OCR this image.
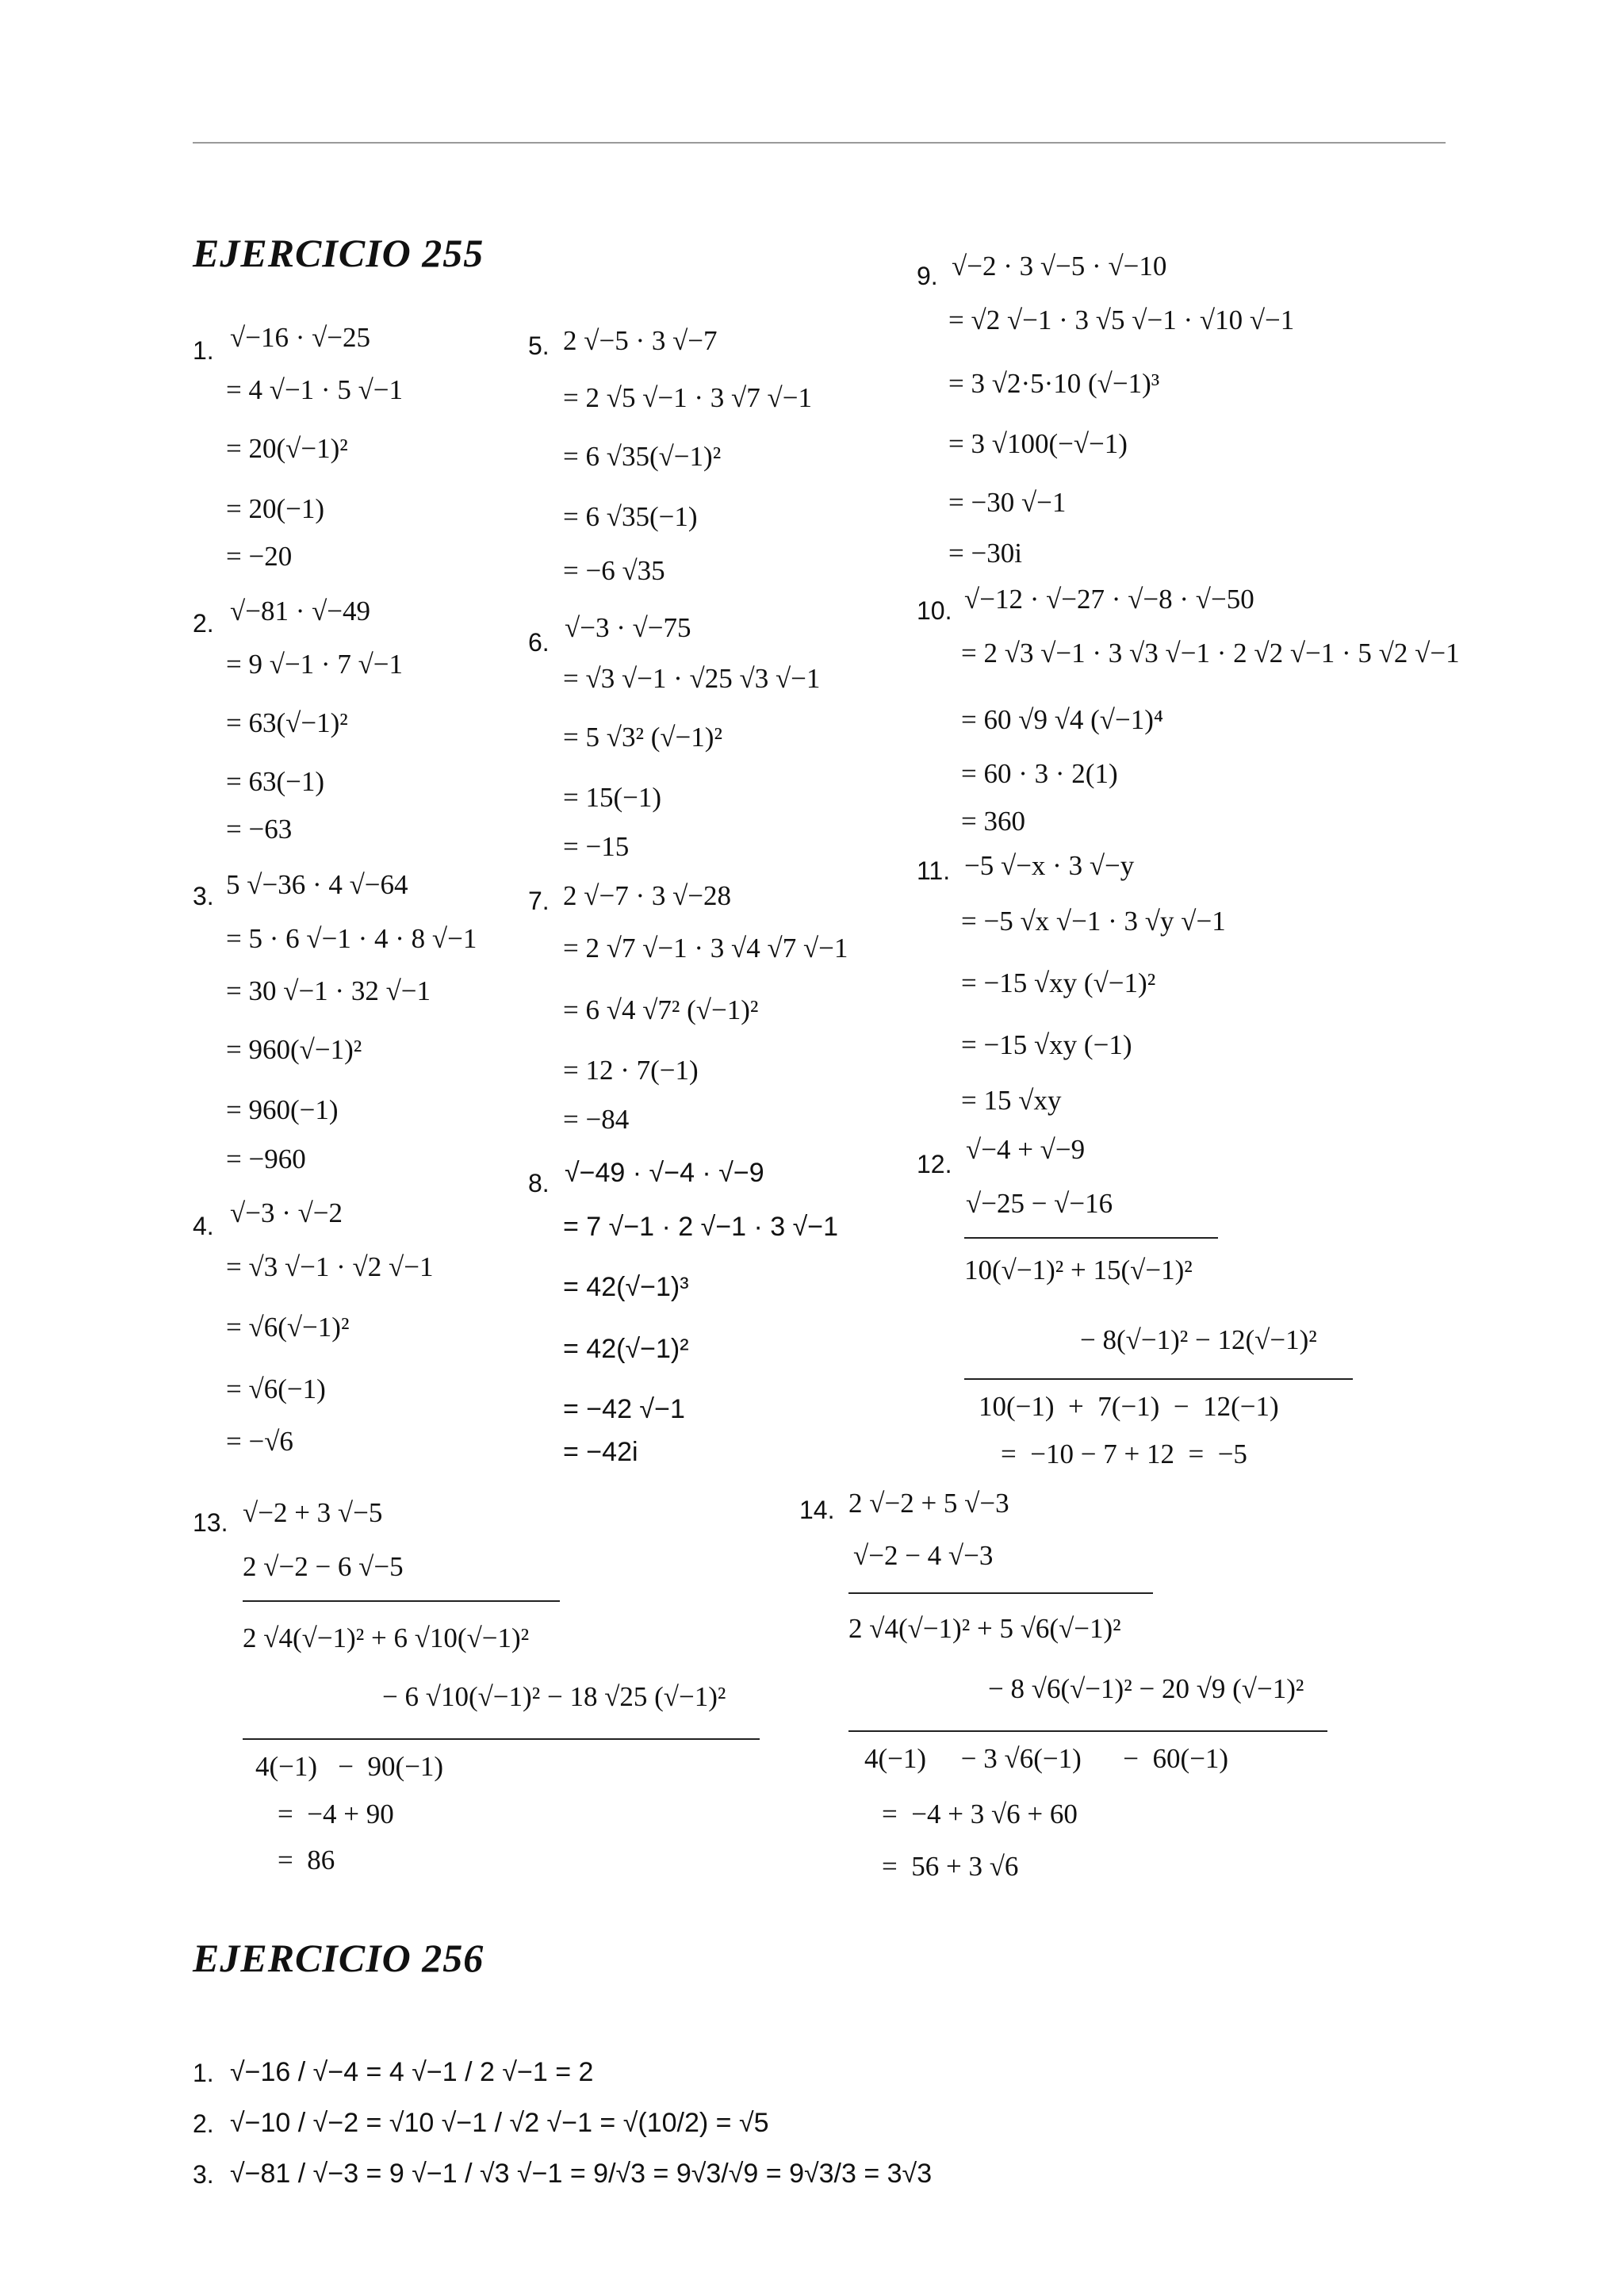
EJERCICIO 255
1. √−16 · √−25
= 4 √−1 · 5 √−1
= 20(√−1)²
= 20(−1)
= −20
2. √−81 · √−49
= 9 √−1 · 7 √−1
= 63(√−1)²
= 63(−1)
= −63
3. 5 √−36 · 4 √−64
= 5 · 6 √−1 · 4 · 8 √−1
= 30 √−1 · 32 √−1
= 960(√−1)²
= 960(−1)
= −960
4. √−3 · √−2
= √3 √−1 · √2 √−1
= √6(√−1)²
= √6(−1)
= −√6
5. 2 √−5 · 3 √−7
= 2 √5 √−1 · 3 √7 √−1
= 6 √35(√−1)²
= 6 √35(−1)
= −6 √35
6. √−3 · √−75
= √3 √−1 · √25 √3 √−1
= 5 √3² (√−1)²
= 15(−1)
= −15
7. 2 √−7 · 3 √−28
= 2 √7 √−1 · 3 √4 √7 √−1
= 6 √4 √7² (√−1)²
= 12 · 7(−1)
= −84
8. √−49 · √−4 · √−9
= 7 √−1 · 2 √−1 · 3 √−1
= 42(√−1)³
= 42(√−1)²
= −42 √−1
= −42i
9. √−2 · 3 √−5 · √−10
= √2 √−1 · 3 √5 √−1 · √10 √−1
= 3 √2·5·10 (√−1)³
= 3 √100(−√−1)
= −30 √−1
= −30i
10. √−12 · √−27 · √−8 · √−50
= 2 √3 √−1 · 3 √3 √−1 · 2 √2 √−1 · 5 √2 √−1
= 60 √9 √4 (√−1)⁴
= 60 · 3 · 2(1)
= 360
11. −5 √−x · 3 √−y
= −5 √x √−1 · 3 √y √−1
= −15 √xy (√−1)²
= −15 √xy (−1)
= 15 √xy
12. √−4 + √−9
√−25 − √−16
10(√−1)² + 15(√−1)²
− 8(√−1)² − 12(√−1)²
10(−1)  +  7(−1)  −  12(−1)
=  −10 − 7 + 12  =  −5
13. √−2 + 3 √−5
2 √−2 − 6 √−5
2 √4(√−1)² + 6 √10(√−1)²
− 6 √10(√−1)² − 18 √25 (√−1)²
4(−1)   −  90(−1)
=  −4 + 90
=  86
14. 2 √−2 + 5 √−3
√−2 − 4 √−3
2 √4(√−1)² + 5 √6(√−1)²
− 8 √6(√−1)² − 20 √9 (√−1)²
4(−1)     − 3 √6(−1)      −  60(−1)
=  −4 + 3 √6 + 60
=  56 + 3 √6
EJERCICIO 256
1. √−16 / √−4 = 4 √−1 / 2 √−1 = 2
2. √−10 / √−2 = √10 √−1 / √2 √−1 = √(10/2) = √5
3. √−81 / √−3 = 9 √−1 / √3 √−1 = 9/√3 = 9√3/√9 = 9√3/3 = 3√3
